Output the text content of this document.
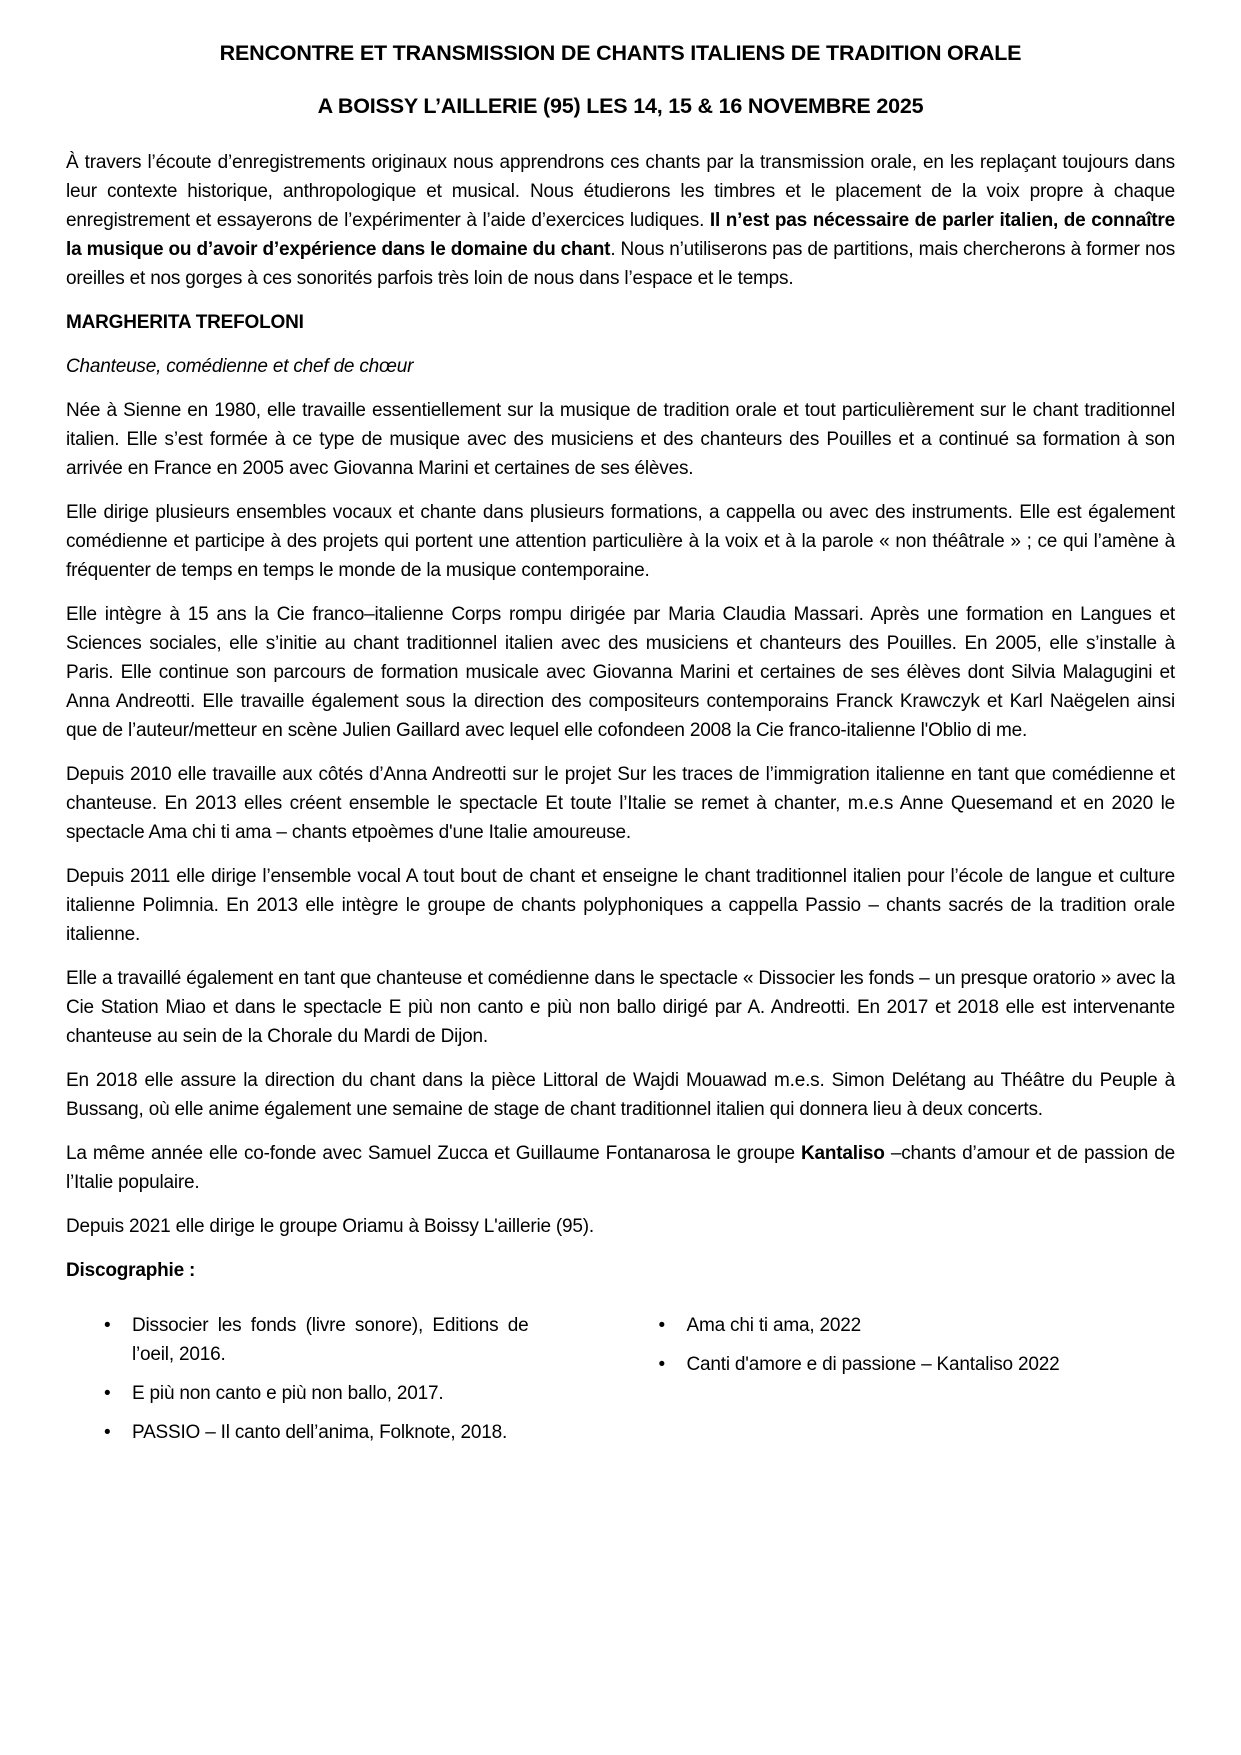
RENCONTRE ET TRANSMISSION DE CHANTS ITALIENS DE TRADITION ORALE
A BOISSY L’AILLERIE (95) LES 14, 15 & 16 NOVEMBRE 2025

À travers l’écoute d’enregistrements originaux nous apprendrons ces chants par la transmission orale, en les replaçant toujours dans leur contexte historique, anthropologique et musical. Nous étudierons les timbres et le placement de la voix propre à chaque enregistrement et essayerons de l’expérimenter à l’aide d’exercices ludiques. Il n’est pas nécessaire de parler italien, de connaître la musique ou d’avoir d’expérience dans le domaine du chant. Nous n’utiliserons pas de partitions, mais chercherons à former nos oreilles et nos gorges à ces sonorités parfois très loin de nous dans l’espace et le temps.

MARGHERITA TREFOLONI

Chanteuse, comédienne et chef de chœur

Née à Sienne en 1980, elle travaille essentiellement sur la musique de tradition orale et tout particulièrement sur le chant traditionnel italien. Elle s’est formée à ce type de musique avec des musiciens et des chanteurs des Pouilles et a continué sa formation à son arrivée en France en 2005 avec Giovanna Marini et certaines de ses élèves.

Elle dirige plusieurs ensembles vocaux et chante dans plusieurs formations, a cappella ou avec des instruments. Elle est également comédienne et participe à des projets qui portent une attention particulière à la voix et à la parole « non théâtrale » ; ce qui l’amène à fréquenter de temps en temps le monde de la musique contemporaine.

Elle intègre à 15 ans la Cie franco–italienne Corps rompu dirigée par Maria Claudia Massari. Après une formation en Langues et Sciences sociales, elle s’initie au chant traditionnel italien avec des musiciens et chanteurs des Pouilles. En 2005, elle s’installe à Paris. Elle continue son parcours de formation musicale avec Giovanna Marini et certaines de ses élèves dont Silvia Malagugini et Anna Andreotti. Elle travaille également sous la direction des compositeurs contemporains Franck Krawczyk et Karl Naëgelen ainsi que de l’auteur/metteur en scène Julien Gaillard avec lequel elle cofondeen 2008 la Cie franco-italienne l'Oblio di me.

Depuis 2010 elle travaille aux côtés d’Anna Andreotti sur le projet Sur les traces de l’immigration italienne en tant que comédienne et chanteuse. En 2013 elles créent ensemble le spectacle Et toute l’Italie se remet à chanter, m.e.s Anne Quesemand et en 2020 le spectacle Ama chi ti ama – chants etpoèmes d'une Italie amoureuse.

Depuis 2011 elle dirige l’ensemble vocal A tout bout de chant et enseigne le chant traditionnel italien pour l’école de langue et culture italienne Polimnia. En 2013 elle intègre le groupe de chants polyphoniques a cappella Passio – chants sacrés de la tradition orale italienne.

Elle a travaillé également en tant que chanteuse et comédienne dans le spectacle « Dissocier les fonds – un presque oratorio » avec la Cie Station Miao et dans le spectacle E più non canto e più non ballo dirigé par A. Andreotti. En 2017 et 2018 elle est intervenante chanteuse au sein de la Chorale du Mardi de Dijon.

En 2018 elle assure la direction du chant dans la pièce Littoral de Wajdi Mouawad m.e.s. Simon Delétang au Théâtre du Peuple à Bussang, où elle anime également une semaine de stage de chant traditionnel italien qui donnera lieu à deux concerts.

La même année elle co-fonde avec Samuel Zucca et Guillaume Fontanarosa le groupe Kantaliso –chants d’amour et de passion de l’Italie populaire.

Depuis 2021 elle dirige le groupe Oriamu à Boissy L'aillerie (95).

Discographie :
• Dissocier les fonds (livre sonore), Editions de l’oeil, 2016.
• E più non canto e più non ballo, 2017.
• PASSIO – Il canto dell’anima, Folknote, 2018.
• Ama chi ti ama, 2022
• Canti d'amore e di passione – Kantaliso 2022
